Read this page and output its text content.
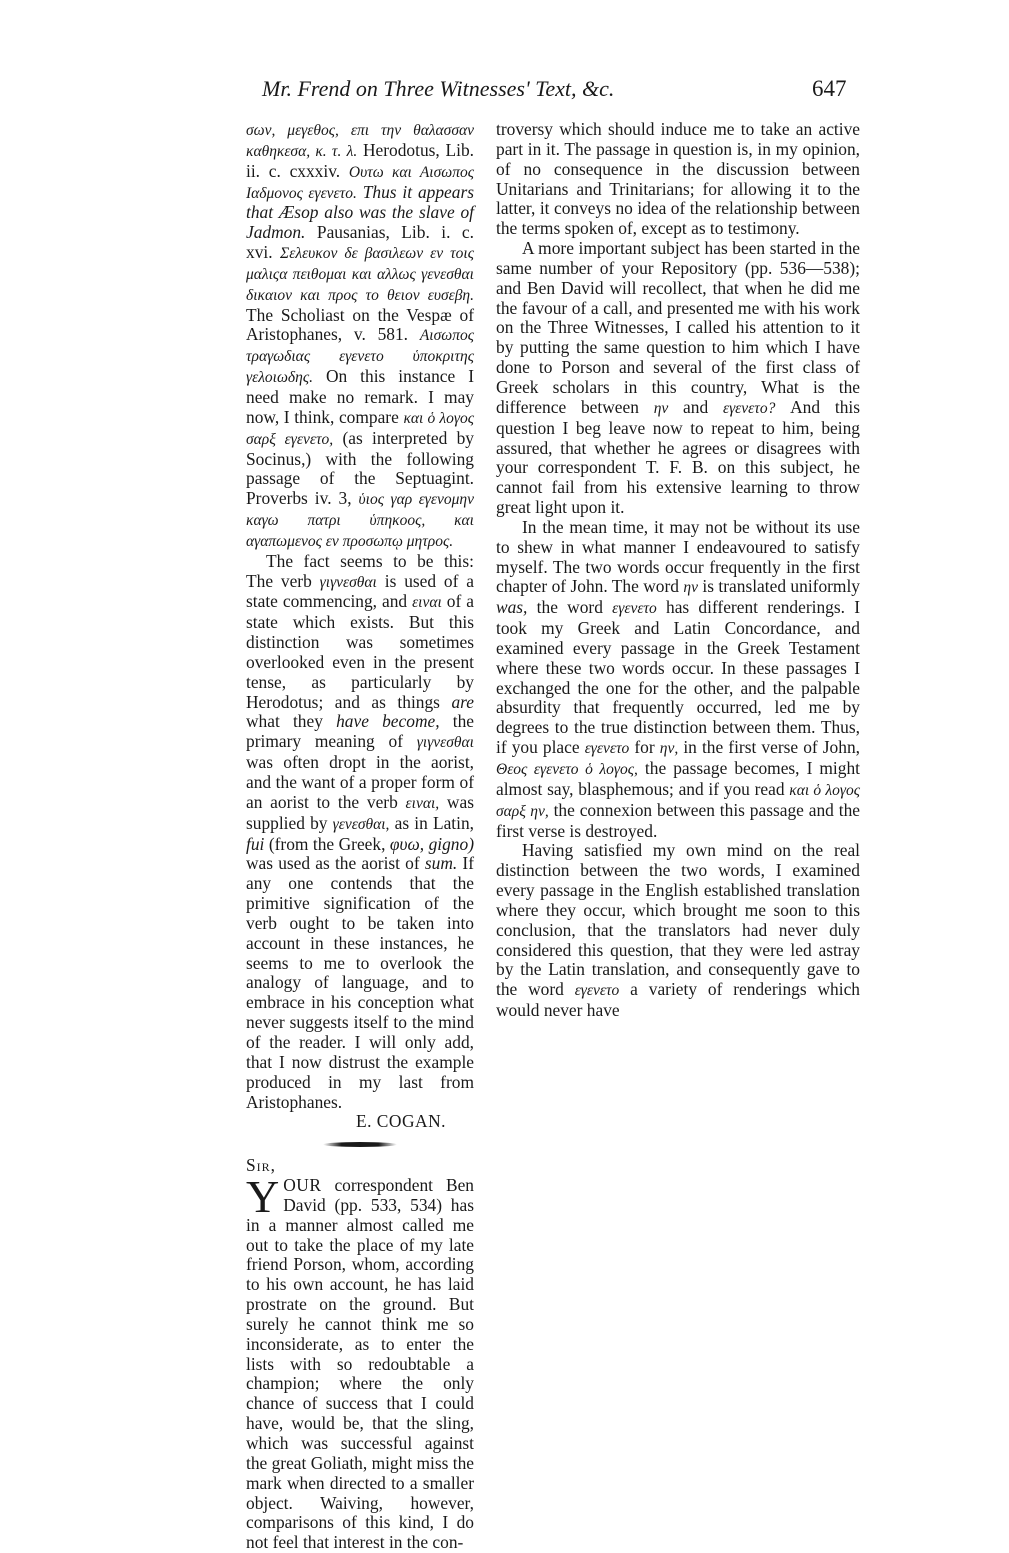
Mr. Frend on Three Witnesses' Text, &c.	647

σων, μεγεθος, επι την θαλασσαν καθηκεσα, κ. τ. λ. Herodotus, Lib. ii. c. cxxxiv. Ουτω και Αισωπος Ιαδμονος εγενετο. Thus it appears that Æsop also was the slave of Jadmon. Pausanias, Lib. i. c. xvi. Σελευκον δε βασιλεων εν τοις μαλιςα πειθομαι και αλλως γενεσθαι δικαιον και προς το θειον ευσεβη. The Scholiast on the Vespæ of Aristophanes, v. 581. Αισωπος τραγωδιας εγενετο ὑποκριτης γελοιωδης. On this instance I need make no remark. I may now, I think, compare και ὁ λογος σαρξ εγενετο, (as interpreted by Socinus,) with the following passage of the Septuagint. Proverbs iv. 3, ὑιος γαρ εγενομην καγω πατρι ὑπηκοος, και αγαπωμενος εν προσωπῳ μητρος.

The fact seems to be this: The verb γιγνεσθαι is used of a state commencing, and ειναι of a state which exists. But this distinction was sometimes overlooked even in the present tense, as particularly by Herodotus; and as things are what they have become, the primary meaning of γιγνεσθαι was often dropt in the aorist, and the want of a proper form of an aorist to the verb ειναι, was supplied by γενεσθαι, as in Latin, fui (from the Greek, φυω, gigno) was used as the aorist of sum. If any one contends that the primitive signification of the verb ought to be taken into account in these instances, he seems to me to overlook the analogy of language, and to embrace in his conception what never suggests itself to the mind of the reader. I will only add, that I now distrust the example produced in my last from Aristophanes.

E. COGAN.

Sir,

YOUR correspondent Ben David (pp. 533, 534) has in a manner almost called me out to take the place of my late friend Porson, whom, according to his own account, he has laid prostrate on the ground. But surely he cannot think me so inconsiderate, as to enter the lists with so redoubtable a champion; where the only chance of success that I could have, would be, that the sling, which was successful against the great Goliath, might miss the mark when directed to a smaller object. Waiving, however, comparisons of this kind, I do not feel that interest in the con-

troversy which should induce me to take an active part in it. The passage in question is, in my opinion, of no consequence in the discussion between Unitarians and Trinitarians; for allowing it to the latter, it conveys no idea of the relationship between the terms spoken of, except as to testimony.

A more important subject has been started in the same number of your Repository (pp. 536—538); and Ben David will recollect, that when he did me the favour of a call, and presented me with his work on the Three Witnesses, I called his attention to it by putting the same question to him which I have done to Porson and several of the first class of Greek scholars in this country, What is the difference between ην and εγενετο? And this question I beg leave now to repeat to him, being assured, that whether he agrees or disagrees with your correspondent T. F. B. on this subject, he cannot fail from his extensive learning to throw great light upon it.

In the mean time, it may not be without its use to shew in what manner I endeavoured to satisfy myself. The two words occur frequently in the first chapter of John. The word ην is translated uniformly was, the word εγενετο has different renderings. I took my Greek and Latin Concordance, and examined every passage in the Greek Testament where these two words occur. In these passages I exchanged the one for the other, and the palpable absurdity that frequently occurred, led me by degrees to the true distinction between them. Thus, if you place εγενετο for ην, in the first verse of John, Θεος εγενετο ὁ λογος, the passage becomes, I might almost say, blasphemous; and if you read και ὁ λογος σαρξ ην, the connexion between this passage and the first verse is destroyed.

Having satisfied my own mind on the real distinction between the two words, I examined every passage in the English established translation where they occur, which brought me soon to this conclusion, that the translators had never duly considered this question, that they were led astray by the Latin translation, and consequently gave to the word εγενετο a variety of renderings which would never have
